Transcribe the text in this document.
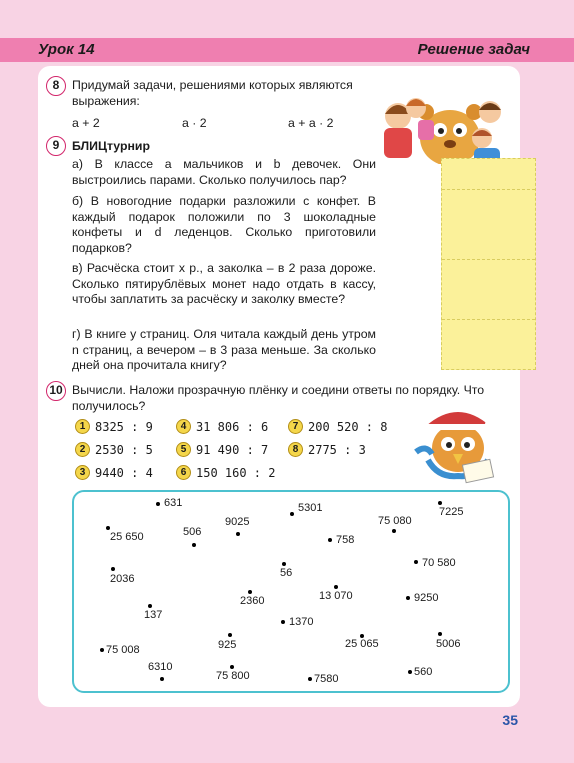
Урок 14	Решение задач
8	Придумай задачи, решениями которых являются выражения:
a + 2	a · 2	a + a · 2
9	БЛИЦтурнир
а) В классе a мальчиков и b девочек. Они выстроились парами. Сколько получилось пар?
б) В новогодние подарки разложили c конфет. В каждый подарок положили по 3 шоколадные конфеты и d леденцов. Сколько приготовили подарков?
в) Расчёска стоит x р., а заколка – в 2 раза дороже. Сколько пятирублёвых монет надо отдать в кассу, чтобы заплатить за расчёску и заколку вместе?
г) В книге y страниц. Оля читала каждый день утром n страниц, а вечером – в 3 раза меньше. За сколько дней она прочитала книгу?
10 Вычисли. Наложи прозрачную плёнку и соедини ответы по порядку. Что получилось?
1 8325 : 9
2 2530 : 5
3 9440 : 4
4 31 806 : 6
5 91 490 : 7
6 150 160 : 2
7 200 520 : 8
8 2775 : 3
631
25 650	506
9025
5301
75 080
7225
758
2036	56
70 580
2360	13 070	9250
137
1370
925	25 065	5006
75 008
6310
75 800	7580
560
35
